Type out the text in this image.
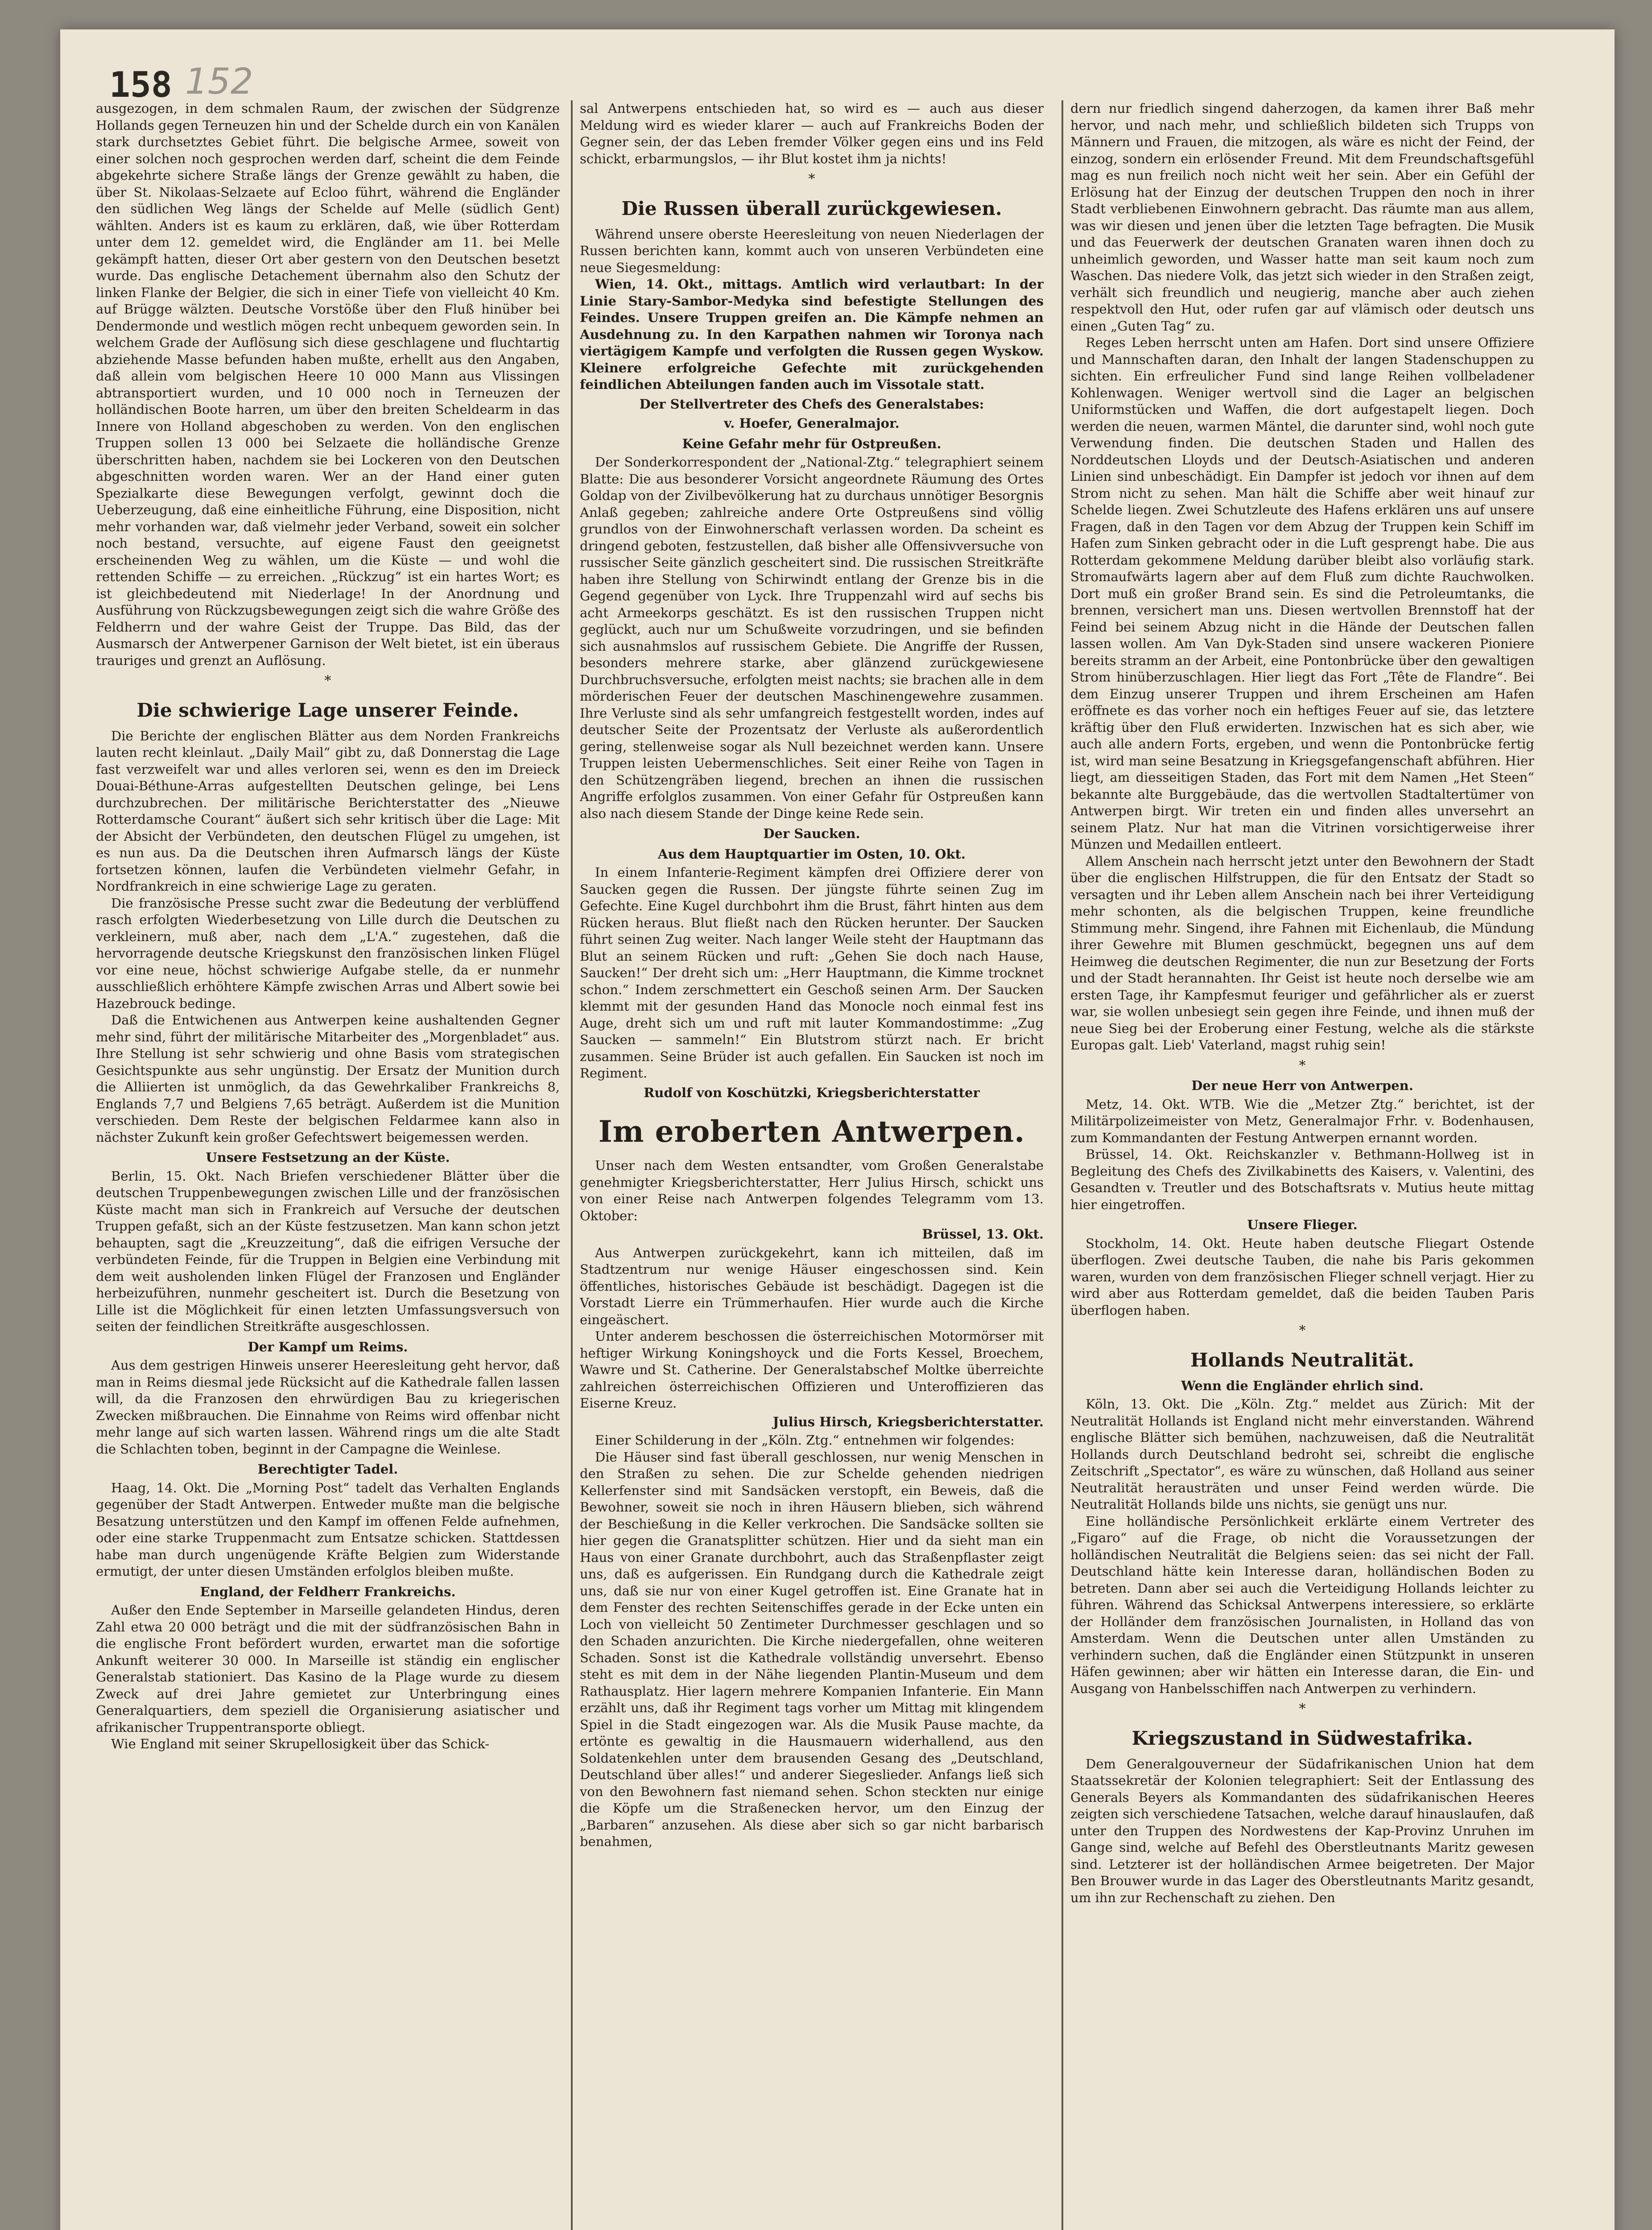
158 152

ausgezogen, in dem schmalen Raum, der zwischen der Südgrenze Hollands gegen Terneuzen hin und der Schelde durch ein von Kanälen stark durchsetztes Gebiet führt. Die belgische Armee, soweit von einer solchen noch gesprochen werden darf, scheint die dem Feinde abgekehrte sichere Straße längs der Grenze gewählt zu haben, die über St. Nikolaas-Selzaete auf Ecloo führt, während die Engländer den südlichen Weg längs der Schelde auf Melle (südlich Gent) wählten. Anders ist es kaum zu erklären, daß, wie über Rotterdam unter dem 12. gemeldet wird, die Engländer am 11. bei Melle gekämpft hatten, dieser Ort aber gestern von den Deutschen besetzt wurde. Das englische Detachement übernahm also den Schutz der linken Flanke der Belgier, die sich in einer Tiefe von vielleicht 40 Km. auf Brügge wälzten. Deutsche Vorstöße über den Fluß hinüber bei Dendermonde und westlich mögen recht unbequem geworden sein. In welchem Grade der Auflösung sich diese geschlagene und fluchtartig abziehende Masse befunden haben mußte, erhellt aus den Angaben, daß allein vom belgischen Heere 10 000 Mann aus Vlissingen abtransportiert wurden, und 10 000 noch in Terneuzen der holländischen Boote harren, um über den breiten Scheldearm in das Innere von Holland abgeschoben zu werden. Von den englischen Truppen sollen 13 000 bei Selzaete die holländische Grenze überschritten haben, nachdem sie bei Lockeren von den Deutschen abgeschnitten worden waren. Wer an der Hand einer guten Spezialkarte diese Bewegungen verfolgt, gewinnt doch die Ueberzeugung, daß eine einheitliche Führung, eine Disposition, nicht mehr vorhanden war, daß vielmehr jeder Verband, soweit ein solcher noch bestand, versuchte, auf eigene Faust den geeignetst erscheinenden Weg zu wählen, um die Küste — und wohl die rettenden Schiffe — zu erreichen. „Rückzug“ ist ein hartes Wort; es ist gleichbedeutend mit Niederlage! In der Anordnung und Ausführung von Rückzugsbewegungen zeigt sich die wahre Größe des Feldherrn und der wahre Geist der Truppe. Das Bild, das der Ausmarsch der Antwerpener Garnison der Welt bietet, ist ein überaus trauriges und grenzt an Auflösung.

*
Die schwierige Lage unserer Feinde.

Die Berichte der englischen Blätter aus dem Norden Frankreichs lauten recht kleinlaut. „Daily Mail“ gibt zu, daß Donnerstag die Lage fast verzweifelt war und alles verloren sei, wenn es den im Dreieck Douai-Béthune-Arras aufgestellten Deutschen gelinge, bei Lens durchzubrechen. Der militärische Berichterstatter des „Nieuwe Rotterdamsche Courant“ äußert sich sehr kritisch über die Lage: Mit der Absicht der Verbündeten, den deutschen Flügel zu umgehen, ist es nun aus. Da die Deutschen ihren Aufmarsch längs der Küste fortsetzen können, laufen die Verbündeten vielmehr Gefahr, in Nordfrankreich in eine schwierige Lage zu geraten.

Die französische Presse sucht zwar die Bedeutung der verblüffend rasch erfolgten Wiederbesetzung von Lille durch die Deutschen zu verkleinern, muß aber, nach dem „L'A.“ zugestehen, daß die hervorragende deutsche Kriegskunst den französischen linken Flügel vor eine neue, höchst schwierige Aufgabe stelle, da er nunmehr ausschließlich erhöhtere Kämpfe zwischen Arras und Albert sowie bei Hazebrouck bedinge.

Daß die Entwichenen aus Antwerpen keine aushaltenden Gegner mehr sind, führt der militärische Mitarbeiter des „Morgenbladet“ aus. Ihre Stellung ist sehr schwierig und ohne Basis vom strategischen Gesichtspunkte aus sehr ungünstig. Der Ersatz der Munition durch die Alliierten ist unmöglich, da das Gewehrkaliber Frankreichs 8, Englands 7,7 und Belgiens 7,65 beträgt. Außerdem ist die Munition verschieden. Dem Reste der belgischen Feldarmee kann also in nächster Zukunft kein großer Gefechtswert beigemessen werden.

Unsere Festsetzung an der Küste.

Berlin, 15. Okt. Nach Briefen verschiedener Blätter über die deutschen Truppenbewegungen zwischen Lille und der französischen Küste macht man sich in Frankreich auf Versuche der deutschen Truppen gefaßt, sich an der Küste festzusetzen. Man kann schon jetzt behaupten, sagt die „Kreuzzeitung“, daß die eifrigen Versuche der verbündeten Feinde, für die Truppen in Belgien eine Verbindung mit dem weit ausholenden linken Flügel der Franzosen und Engländer herbeizuführen, nunmehr gescheitert ist. Durch die Besetzung von Lille ist die Möglichkeit für einen letzten Umfassungsversuch von seiten der feindlichen Streitkräfte ausgeschlossen.

Der Kampf um Reims.

Aus dem gestrigen Hinweis unserer Heeresleitung geht hervor, daß man in Reims diesmal jede Rücksicht auf die Kathedrale fallen lassen will, da die Franzosen den ehrwürdigen Bau zu kriegerischen Zwecken mißbrauchen. Die Einnahme von Reims wird offenbar nicht mehr lange auf sich warten lassen. Während rings um die alte Stadt die Schlachten toben, beginnt in der Campagne die Weinlese.

Berechtigter Tadel.

Haag, 14. Okt. Die „Morning Post“ tadelt das Verhalten Englands gegenüber der Stadt Antwerpen. Entweder mußte man die belgische Besatzung unterstützen und den Kampf im offenen Felde aufnehmen, oder eine starke Truppenmacht zum Entsatze schicken. Stattdessen habe man durch ungenügende Kräfte Belgien zum Widerstande ermutigt, der unter diesen Umständen erfolglos bleiben mußte.

England, der Feldherr Frankreichs.

Außer den Ende September in Marseille gelandeten Hindus, deren Zahl etwa 20 000 beträgt und die mit der südfranzösischen Bahn in die englische Front befördert wurden, erwartet man die sofortige Ankunft weiterer 30 000. In Marseille ist ständig ein englischer Generalstab stationiert. Das Kasino de la Plage wurde zu diesem Zweck auf drei Jahre gemietet zur Unterbringung eines Generalquartiers, dem speziell die Organisierung asiatischer und afrikanischer Truppentransporte obliegt.

Wie England mit seiner Skrupellosigkeit über das Schick-

sal Antwerpens entschieden hat, so wird es — auch aus dieser Meldung wird es wieder klarer — auch auf Frankreichs Boden der Gegner sein, der das Leben fremder Völker gegen eins und ins Feld schickt, erbarmungslos, — ihr Blut kostet ihm ja nichts!

*
Die Russen überall zurückgewiesen.

Während unsere oberste Heeresleitung von neuen Niederlagen der Russen berichten kann, kommt auch von unseren Verbündeten eine neue Siegesmeldung:

Wien, 14. Okt., mittags. Amtlich wird verlautbart: In der Linie Stary-Sambor-Medyka sind befestigte Stellungen des Feindes. Unsere Truppen greifen an. Die Kämpfe nehmen an Ausdehnung zu. In den Karpathen nahmen wir Toronya nach viertägigem Kampfe und verfolgten die Russen gegen Wyskow. Kleinere erfolgreiche Gefechte mit zurückgehenden feindlichen Abteilungen fanden auch im Vissotale statt.

Der Stellvertreter des Chefs des Generalstabes:
v. Hoefer, Generalmajor.
Keine Gefahr mehr für Ostpreußen.

Der Sonderkorrespondent der „National-Ztg.“ telegraphiert seinem Blatte: Die aus besonderer Vorsicht angeordnete Räumung des Ortes Goldap von der Zivilbevölkerung hat zu durchaus unnötiger Besorgnis Anlaß gegeben; zahlreiche andere Orte Ostpreußens sind völlig grundlos von der Einwohnerschaft verlassen worden. Da scheint es dringend geboten, festzustellen, daß bisher alle Offensivversuche von russischer Seite gänzlich gescheitert sind. Die russischen Streitkräfte haben ihre Stellung von Schirwindt entlang der Grenze bis in die Gegend gegenüber von Lyck. Ihre Truppenzahl wird auf sechs bis acht Armeekorps geschätzt. Es ist den russischen Truppen nicht geglückt, auch nur um Schußweite vorzudringen, und sie befinden sich ausnahmslos auf russischem Gebiete. Die Angriffe der Russen, besonders mehrere starke, aber glänzend zurückgewiesene Durchbruchsversuche, erfolgten meist nachts; sie brachen alle in dem mörderischen Feuer der deutschen Maschinengewehre zusammen. Ihre Verluste sind als sehr umfangreich festgestellt worden, indes auf deutscher Seite der Prozentsatz der Verluste als außerordentlich gering, stellenweise sogar als Null bezeichnet werden kann. Unsere Truppen leisten Uebermenschliches. Seit einer Reihe von Tagen in den Schützengräben liegend, brechen an ihnen die russischen Angriffe erfolglos zusammen. Von einer Gefahr für Ostpreußen kann also nach diesem Stande der Dinge keine Rede sein.

Der Saucken.
Aus dem Hauptquartier im Osten, 10. Okt.

In einem Infanterie-Regiment kämpfen drei Offiziere derer von Saucken gegen die Russen. Der jüngste führte seinen Zug im Gefechte. Eine Kugel durchbohrt ihm die Brust, fährt hinten aus dem Rücken heraus. Blut fließt nach den Rücken herunter. Der Saucken führt seinen Zug weiter. Nach langer Weile steht der Hauptmann das Blut an seinem Rücken und ruft: „Gehen Sie doch nach Hause, Saucken!“ Der dreht sich um: „Herr Hauptmann, die Kimme trocknet schon.“ Indem zerschmettert ein Geschoß seinen Arm. Der Saucken klemmt mit der gesunden Hand das Monocle noch einmal fest ins Auge, dreht sich um und ruft mit lauter Kommandostimme: „Zug Saucken — sammeln!“ Ein Blutstrom stürzt nach. Er bricht zusammen. Seine Brüder ist auch gefallen. Ein Saucken ist noch im Regiment.

Rudolf von Koschützki, Kriegsberichterstatter
Im eroberten Antwerpen.

Unser nach dem Westen entsandter, vom Großen Generalstabe genehmigter Kriegsberichterstatter, Herr Julius Hirsch, schickt uns von einer Reise nach Antwerpen folgendes Telegramm vom 13. Oktober:

Brüssel, 13. Okt.

Aus Antwerpen zurückgekehrt, kann ich mitteilen, daß im Stadtzentrum nur wenige Häuser eingeschossen sind. Kein öffentliches, historisches Gebäude ist beschädigt. Dagegen ist die Vorstadt Lierre ein Trümmerhaufen. Hier wurde auch die Kirche eingeäschert.

Unter anderem beschossen die österreichischen Motormörser mit heftiger Wirkung Koningshoyck und die Forts Kessel, Broechem, Wawre und St. Catherine. Der Generalstabschef Moltke überreichte zahlreichen österreichischen Offizieren und Unteroffizieren das Eiserne Kreuz.

Julius Hirsch, Kriegsberichterstatter.

Einer Schilderung in der „Köln. Ztg.“ entnehmen wir folgendes:

Die Häuser sind fast überall geschlossen, nur wenig Menschen in den Straßen zu sehen. Die zur Schelde gehenden niedrigen Kellerfenster sind mit Sandsäcken verstopft, ein Beweis, daß die Bewohner, soweit sie noch in ihren Häusern blieben, sich während der Beschießung in die Keller verkrochen. Die Sandsäcke sollten sie hier gegen die Granatsplitter schützen. Hier und da sieht man ein Haus von einer Granate durchbohrt, auch das Straßenpflaster zeigt uns, daß es aufgerissen. Ein Rundgang durch die Kathedrale zeigt uns, daß sie nur von einer Kugel getroffen ist. Eine Granate hat in dem Fenster des rechten Seitenschiffes gerade in der Ecke unten ein Loch von vielleicht 50 Zentimeter Durchmesser geschlagen und so den Schaden anzurichten. Die Kirche niedergefallen, ohne weiteren Schaden. Sonst ist die Kathedrale vollständig unversehrt. Ebenso steht es mit dem in der Nähe liegenden Plantin-Museum und dem Rathausplatz. Hier lagern mehrere Kompanien Infanterie. Ein Mann erzählt uns, daß ihr Regiment tags vorher um Mittag mit klingendem Spiel in die Stadt eingezogen war. Als die Musik Pause machte, da ertönte es gewaltig in die Hausmauern widerhallend, aus den Soldatenkehlen unter dem brausenden Gesang des „Deutschland, Deutschland über alles!“ und anderer Siegeslieder. Anfangs ließ sich von den Bewohnern fast niemand sehen. Schon steckten nur einige die Köpfe um die Straßenecken hervor, um den Einzug der „Barbaren“ anzusehen. Als diese aber sich so gar nicht barbarisch benahmen,

dern nur friedlich singend daherzogen, da kamen ihrer Baß mehr hervor, und nach mehr, und schließlich bildeten sich Trupps von Männern und Frauen, die mitzogen, als wäre es nicht der Feind, der einzog, sondern ein erlösender Freund. Mit dem Freundschaftsgefühl mag es nun freilich noch nicht weit her sein. Aber ein Gefühl der Erlösung hat der Einzug der deutschen Truppen den noch in ihrer Stadt verbliebenen Einwohnern gebracht. Das räumte man aus allem, was wir diesen und jenen über die letzten Tage befragten. Die Musik und das Feuerwerk der deutschen Granaten waren ihnen doch zu unheimlich geworden, und Wasser hatte man seit kaum noch zum Waschen. Das niedere Volk, das jetzt sich wieder in den Straßen zeigt, verhält sich freundlich und neugierig, manche aber auch ziehen respektvoll den Hut, oder rufen gar auf vlämisch oder deutsch uns einen „Guten Tag“ zu.

Reges Leben herrscht unten am Hafen. Dort sind unsere Offiziere und Mannschaften daran, den Inhalt der langen Stadenschuppen zu sichten. Ein erfreulicher Fund sind lange Reihen vollbeladener Kohlenwagen. Weniger wertvoll sind die Lager an belgischen Uniformstücken und Waffen, die dort aufgestapelt liegen. Doch werden die neuen, warmen Mäntel, die darunter sind, wohl noch gute Verwendung finden. Die deutschen Staden und Hallen des Norddeutschen Lloyds und der Deutsch-Asiatischen und anderen Linien sind unbeschädigt. Ein Dampfer ist jedoch vor ihnen auf dem Strom nicht zu sehen. Man hält die Schiffe aber weit hinauf zur Schelde liegen. Zwei Schutzleute des Hafens erklären uns auf unsere Fragen, daß in den Tagen vor dem Abzug der Truppen kein Schiff im Hafen zum Sinken gebracht oder in die Luft gesprengt habe. Die aus Rotterdam gekommene Meldung darüber bleibt also vorläufig stark. Stromaufwärts lagern aber auf dem Fluß zum dichte Rauchwolken. Dort muß ein großer Brand sein. Es sind die Petroleumtanks, die brennen, versichert man uns. Diesen wertvollen Brennstoff hat der Feind bei seinem Abzug nicht in die Hände der Deutschen fallen lassen wollen. Am Van Dyk-Staden sind unsere wackeren Pioniere bereits stramm an der Arbeit, eine Pontonbrücke über den gewaltigen Strom hinüberzuschlagen. Hier liegt das Fort „Tête de Flandre“. Bei dem Einzug unserer Truppen und ihrem Erscheinen am Hafen eröffnete es das vorher noch ein heftiges Feuer auf sie, das letztere kräftig über den Fluß erwiderten. Inzwischen hat es sich aber, wie auch alle andern Forts, ergeben, und wenn die Pontonbrücke fertig ist, wird man seine Besatzung in Kriegsgefangenschaft abführen. Hier liegt, am diesseitigen Staden, das Fort mit dem Namen „Het Steen“ bekannte alte Burggebäude, das die wertvollen Stadtaltertümer von Antwerpen birgt. Wir treten ein und finden alles unversehrt an seinem Platz. Nur hat man die Vitrinen vorsichtigerweise ihrer Münzen und Medaillen entleert.

Allem Anschein nach herrscht jetzt unter den Bewohnern der Stadt über die englischen Hilfstruppen, die für den Entsatz der Stadt so versagten und ihr Leben allem Anschein nach bei ihrer Verteidigung mehr schonten, als die belgischen Truppen, keine freundliche Stimmung mehr. Singend, ihre Fahnen mit Eichenlaub, die Mündung ihrer Gewehre mit Blumen geschmückt, begegnen uns auf dem Heimweg die deutschen Regimenter, die nun zur Besetzung der Forts und der Stadt herannahten. Ihr Geist ist heute noch derselbe wie am ersten Tage, ihr Kampfesmut feuriger und gefährlicher als er zuerst war, sie wollen unbesiegt sein gegen ihre Feinde, und ihnen muß der neue Sieg bei der Eroberung einer Festung, welche als die stärkste Europas galt. Lieb' Vaterland, magst ruhig sein!

*
Der neue Herr von Antwerpen.

Metz, 14. Okt. WTB. Wie die „Metzer Ztg.“ berichtet, ist der Militärpolizeimeister von Metz, Generalmajor Frhr. v. Bodenhausen, zum Kommandanten der Festung Antwerpen ernannt worden.

Brüssel, 14. Okt. Reichskanzler v. Bethmann-Hollweg ist in Begleitung des Chefs des Zivilkabinetts des Kaisers, v. Valentini, des Gesandten v. Treutler und des Botschaftsrats v. Mutius heute mittag hier eingetroffen.

Unsere Flieger.

Stockholm, 14. Okt. Heute haben deutsche Fliegart Ostende überflogen. Zwei deutsche Tauben, die nahe bis Paris gekommen waren, wurden von dem französischen Flieger schnell verjagt. Hier zu wird aber aus Rotterdam gemeldet, daß die beiden Tauben Paris überflogen haben.

*
Hollands Neutralität.
Wenn die Engländer ehrlich sind.

Köln, 13. Okt. Die „Köln. Ztg.“ meldet aus Zürich: Mit der Neutralität Hollands ist England nicht mehr einverstanden. Während englische Blätter sich bemühen, nachzuweisen, daß die Neutralität Hollands durch Deutschland bedroht sei, schreibt die englische Zeitschrift „Spectator“, es wäre zu wünschen, daß Holland aus seiner Neutralität herausträten und unser Feind werden würde. Die Neutralität Hollands bilde uns nichts, sie genügt uns nur.

Eine holländische Persönlichkeit erklärte einem Vertreter des „Figaro“ auf die Frage, ob nicht die Voraussetzungen der holländischen Neutralität die Belgiens seien: das sei nicht der Fall. Deutschland hätte kein Interesse daran, holländischen Boden zu betreten. Dann aber sei auch die Verteidigung Hollands leichter zu führen. Während das Schicksal Antwerpens interessiere, so erklärte der Holländer dem französischen Journalisten, in Holland das von Amsterdam. Wenn die Deutschen unter allen Umständen zu verhindern suchen, daß die Engländer einen Stützpunkt in unseren Häfen gewinnen; aber wir hätten ein Interesse daran, die Ein- und Ausgang von Hanbelsschiffen nach Antwerpen zu verhindern.

*
Kriegszustand in Südwestafrika.

Dem Generalgouverneur der Südafrikanischen Union hat dem Staatssekretär der Kolonien telegraphiert: Seit der Entlassung des Generals Beyers als Kommandanten des südafrikanischen Heeres zeigten sich verschiedene Tatsachen, welche darauf hinauslaufen, daß unter den Truppen des Nordwestens der Kap-Provinz Unruhen im Gange sind, welche auf Befehl des Oberstleutnants Maritz gewesen sind. Letzterer ist der holländischen Armee beigetreten. Der Major Ben Brouwer wurde in das Lager des Oberstleutnants Maritz gesandt, um ihn zur Rechenschaft zu ziehen. Den
